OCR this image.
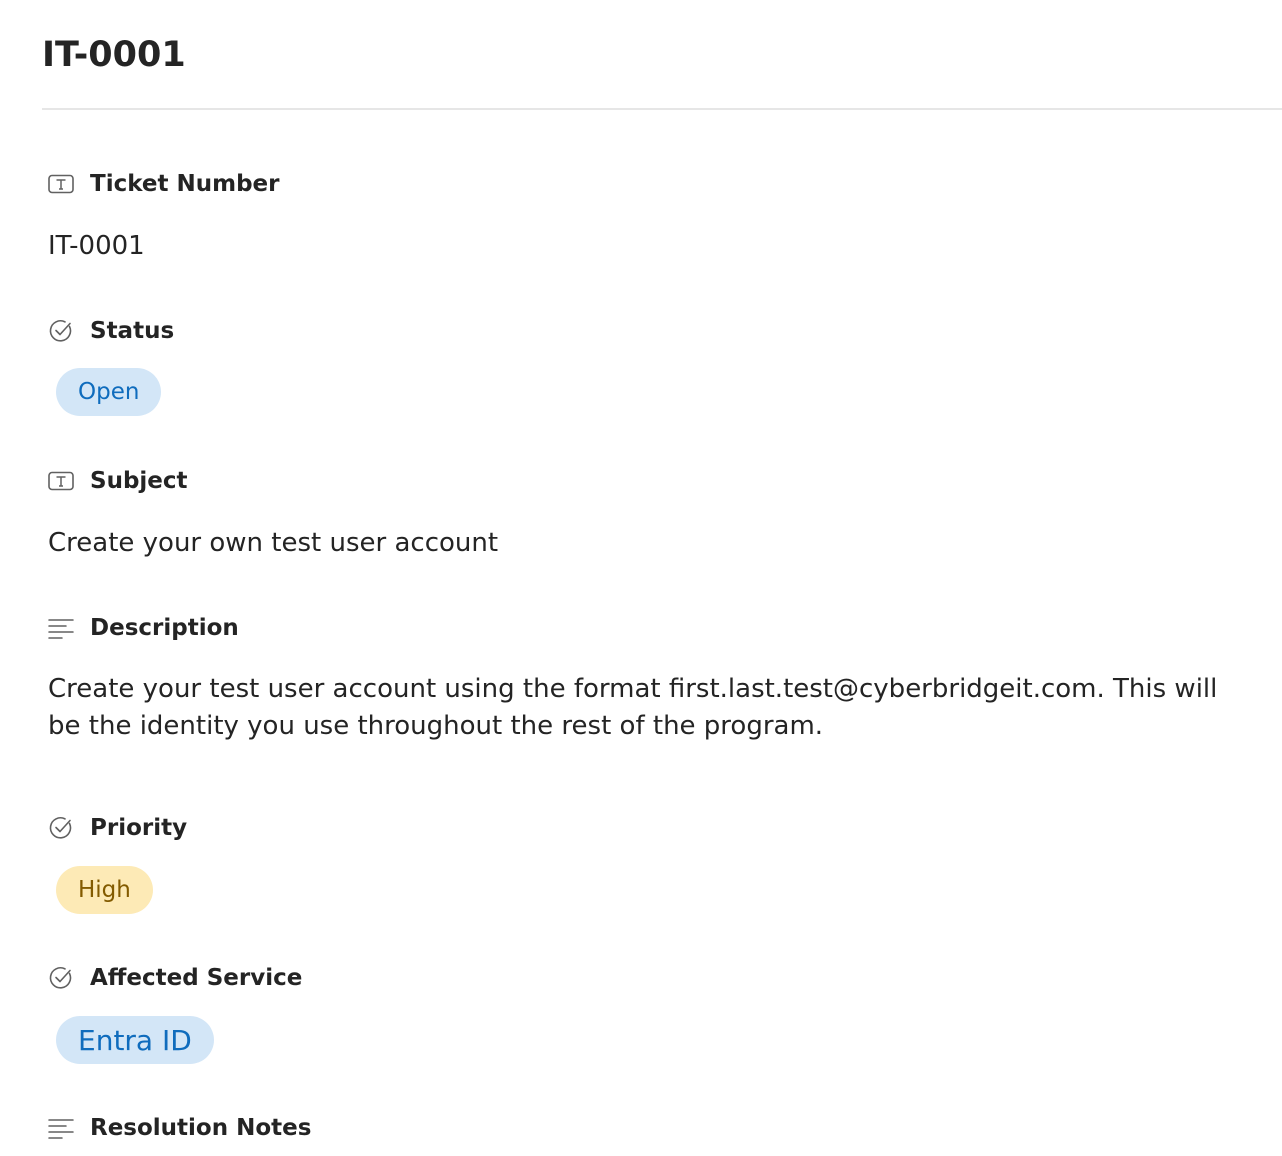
IT-0001
Ticket Number
IT-0001
Status
Open
Subject
Create your own test user account
Description
Create your test user account using the format first.last.test@cyberbridgeit.com. This will be the identity you use throughout the rest of the program.
Priority
High
Affected Service
Entra ID
Resolution Notes
